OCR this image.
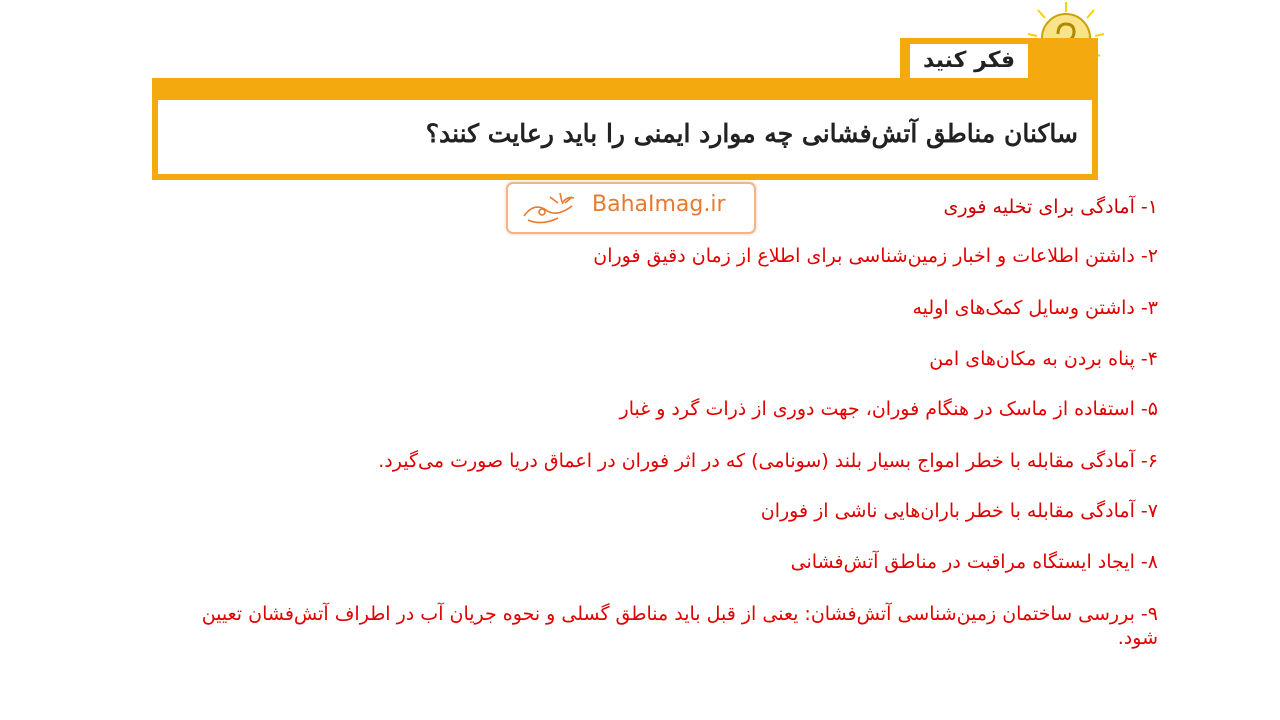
فکر کنید
ساکنان مناطق آتش‌فشانی چه موارد ایمنی را باید رعایت کنند؟
BahaImag.ir	۱- آمادگی برای تخلیه فوری
۲- داشتن اطلاعات و اخبار زمین‌شناسی برای اطلاع از زمان دقیق فوران
۳- داشتن وسایل کمک‌های اولیه
۴- پناه بردن به مکان‌های امن
۵- استفاده از ماسک در هنگام فوران، جهت دوری از ذرات گرد و غبار
۶- آمادگی مقابله با خطر امواج بسیار بلند (سونامی) که در اثر فوران در اعماق دریا صورت می‌گیرد.
۷- آمادگی مقابله با خطر باران‌هایی ناشی از فوران
۸- ایجاد ایستگاه مراقبت در مناطق آتش‌فشانی
۹- بررسی ساختمان زمین‌شناسی آتش‌فشان: یعنی از قبل باید مناطق گسلی و نحوه جریان آب در اطراف آتش‌فشان تعیین شود.
